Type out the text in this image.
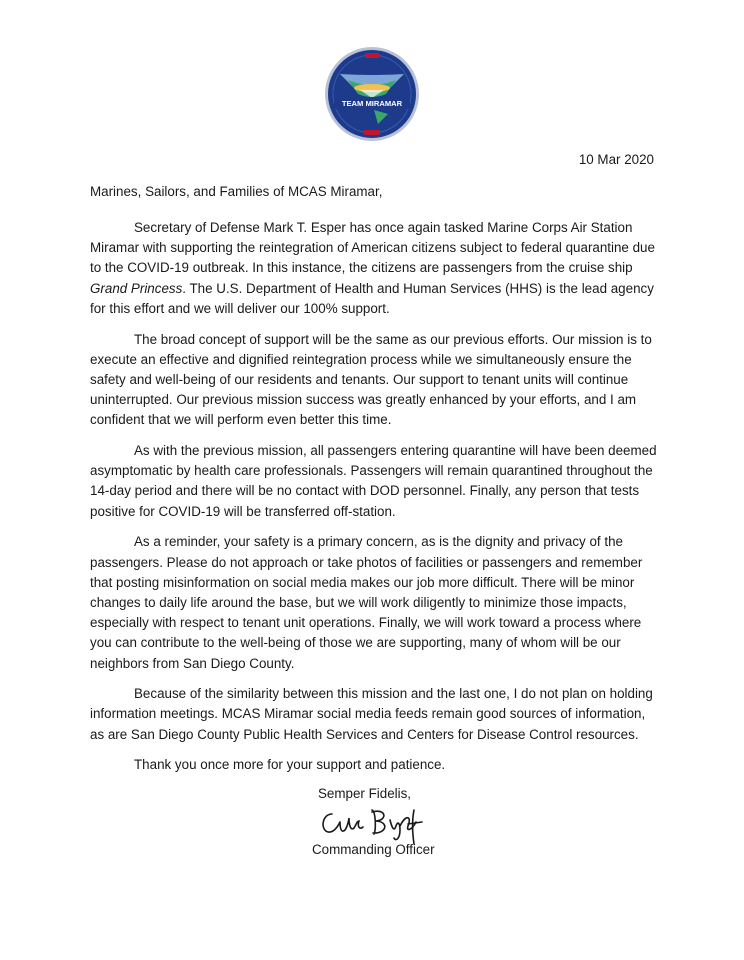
TEAM MIRAMAR
10 Mar 2020
Marines, Sailors, and Families of MCAS Miramar,

Secretary of Defense Mark T. Esper has once again tasked Marine Corps Air Station Miramar with supporting the reintegration of American citizens subject to federal quarantine due to the COVID-19 outbreak. In this instance, the citizens are passengers from the cruise ship Grand Princess. The U.S. Department of Health and Human Services (HHS) is the lead agency for this effort and we will deliver our 100% support.

The broad concept of support will be the same as our previous efforts. Our mission is to execute an effective and dignified reintegration process while we simultaneously ensure the safety and well-being of our residents and tenants. Our support to tenant units will continue uninterrupted. Our previous mission success was greatly enhanced by your efforts, and I am confident that we will perform even better this time.

As with the previous mission, all passengers entering quarantine will have been deemed asymptomatic by health care professionals. Passengers will remain quarantined throughout the 14-day period and there will be no contact with DOD personnel. Finally, any person that tests positive for COVID-19 will be transferred off-station.

As a reminder, your safety is a primary concern, as is the dignity and privacy of the passengers. Please do not approach or take photos of facilities or passengers and remember that posting misinformation on social media makes our job more difficult. There will be minor changes to daily life around the base, but we will work diligently to minimize those impacts, especially with respect to tenant unit operations. Finally, we will work toward a process where you can contribute to the well-being of those we are supporting, many of whom will be our neighbors from San Diego County.

Because of the similarity between this mission and the last one, I do not plan on holding information meetings. MCAS Miramar social media feeds remain good sources of information, as are San Diego County Public Health Services and Centers for Disease Control resources.

Thank you once more for your support and patience.

Semper Fidelis,
Commanding Officer
